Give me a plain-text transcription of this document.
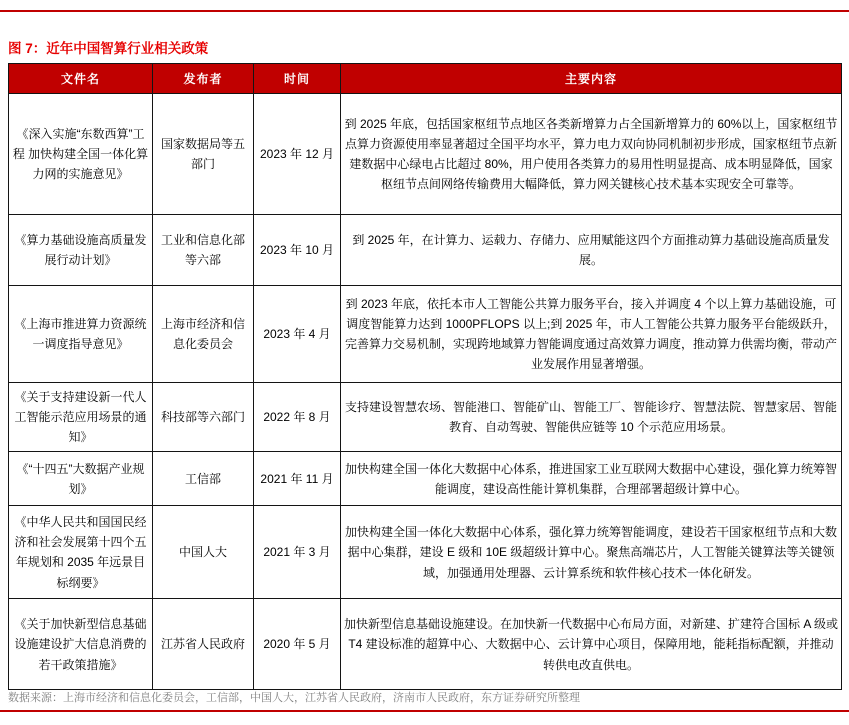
图 7：近年中国智算行业相关政策
文件名	发布者	时间	主要内容
《深入实施“东数西算”工程 加快构建全国一体化算力网的实施意见》	国家数据局等五部门	2023 年 12 月	到 2025 年底，包括国家枢纽节点地区各类新增算力占全国新增算力的 60%以上，国家枢纽节点算力资源使用率显著超过全国平均水平，算力电力双向协同机制初步形成，国家枢纽节点新建数据中心绿电占比超过 80%，用户使用各类算力的易用性明显提高、成本明显降低，国家枢纽节点间网络传输费用大幅降低，算力网关键核心技术基本实现安全可靠等。
《算力基础设施高质量发展行动计划》	工业和信息化部等六部	2023 年 10 月	到 2025 年，在计算力、运载力、存储力、应用赋能这四个方面推动算力基础设施高质量发展。
《上海市推进算力资源统一调度指导意见》	上海市经济和信息化委员会	2023 年 4 月	到 2023 年底，依托本市人工智能公共算力服务平台，接入并调度 4 个以上算力基础设施，可调度智能算力达到 1000PFLOPS 以上;到 2025 年，市人工智能公共算力服务平台能级跃升，完善算力交易机制，实现跨地域算力智能调度通过高效算力调度，推动算力供需均衡，带动产业发展作用显著增强。
《关于支持建设新一代人工智能示范应用场景的通知》	科技部等六部门	2022 年 8 月	支持建设智慧农场、智能港口、智能矿山、智能工厂、智能诊疗、智慧法院、智慧家居、智能教育、自动驾驶、智能供应链等 10 个示范应用场景。
《“十四五”大数据产业规划》	工信部	2021 年 11 月	加快构建全国一体化大数据中心体系，推进国家工业互联网大数据中心建设，强化算力统筹智能调度，建设高性能计算机集群，合理部署超级计算中心。
《中华人民共和国国民经济和社会发展第十四个五年规划和 2035 年远景目标纲要》	中国人大	2021 年 3 月	加快构建全国一体化大数据中心体系，强化算力统筹智能调度，建设若干国家枢纽节点和大数据中心集群，建设 E 级和 10E 级超级计算中心。聚焦高端芯片，人工智能关键算法等关键领域，加强通用处理器、云计算系统和软件核心技术一体化研发。
《关于加快新型信息基础设施建设扩大信息消费的若干政策措施》	江苏省人民政府	2020 年 5 月	加快新型信息基础设施建设。在加快新一代数据中心布局方面，对新建、扩建符合国标 A 级或 T4 建设标准的超算中心、大数据中心、云计算中心项目，保障用地，能耗指标配额，并推动转供电改直供电。
数据来源：上海市经济和信息化委员会，工信部，中国人大，江苏省人民政府，济南市人民政府，东方证券研究所整理
